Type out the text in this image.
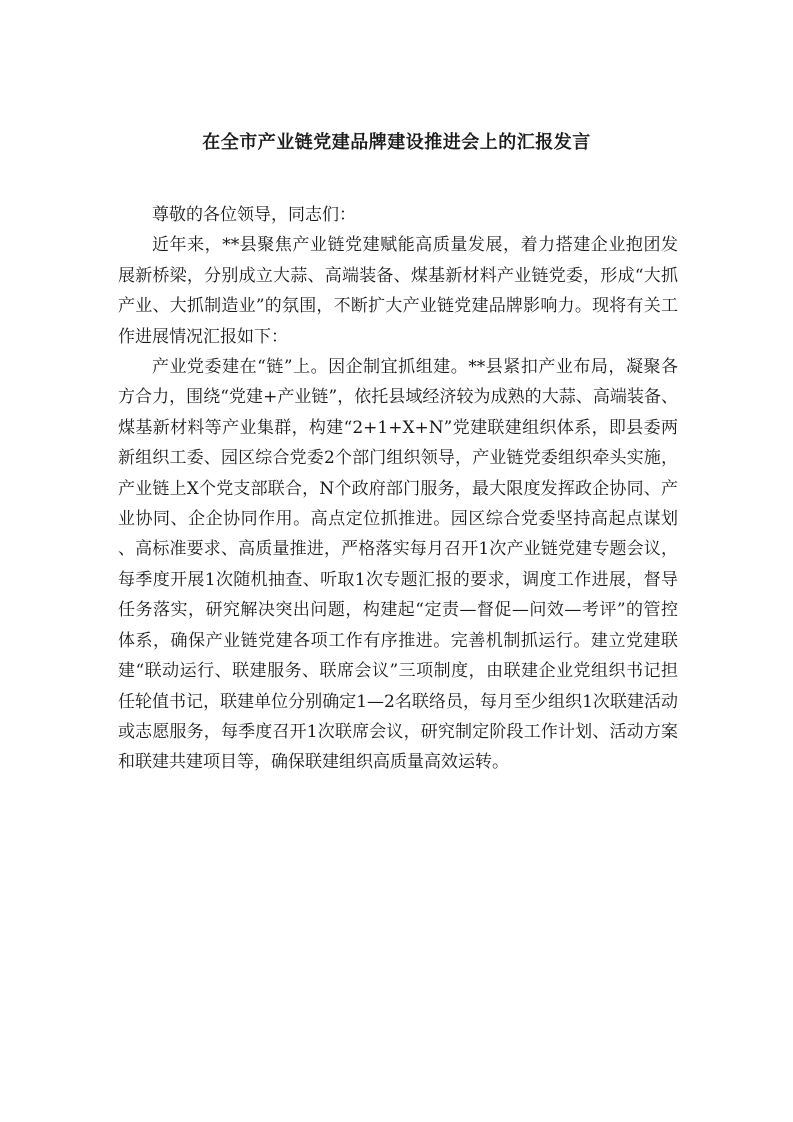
在全市产业链党建品牌建设推进会上的汇报发言

尊敬的各位领导，同志们：

近年来，**县聚焦产业链党建赋能高质量发展，着力搭建企业抱团发展新桥梁，分别成立大蒜、高端装备、煤基新材料产业链党委，形成“大抓产业、大抓制造业”的氛围，不断扩大产业链党建品牌影响力。现将有关工作进展情况汇报如下：

产业党委建在“链”上。因企制宜抓组建。**县紧扣产业布局，凝聚各方合力，围绕“党建+产业链”，依托县域经济较为成熟的大蒜、高端装备、煤基新材料等产业集群，构建“2+1+X+N”党建联建组织体系，即县委两新组织工委、园区综合党委2个部门组织领导，产业链党委组织牵头实施，产业链上X个党支部联合，N个政府部门服务，最大限度发挥政企协同、产业协同、企企协同作用。高点定位抓推进。园区综合党委坚持高起点谋划、高标准要求、高质量推进，严格落实每月召开1次产业链党建专题会议，每季度开展1次随机抽查、听取1次专题汇报的要求，调度工作进展，督导任务落实，研究解决突出问题，构建起“定责—督促—问效—考评”的管控体系，确保产业链党建各项工作有序推进。完善机制抓运行。建立党建联建“联动运行、联建服务、联席会议”三项制度，由联建企业党组织书记担任轮值书记，联建单位分别确定1—2名联络员，每月至少组织1次联建活动或志愿服务，每季度召开1次联席会议，研究制定阶段工作计划、活动方案和联建共建项目等，确保联建组织高质量高效运转。
